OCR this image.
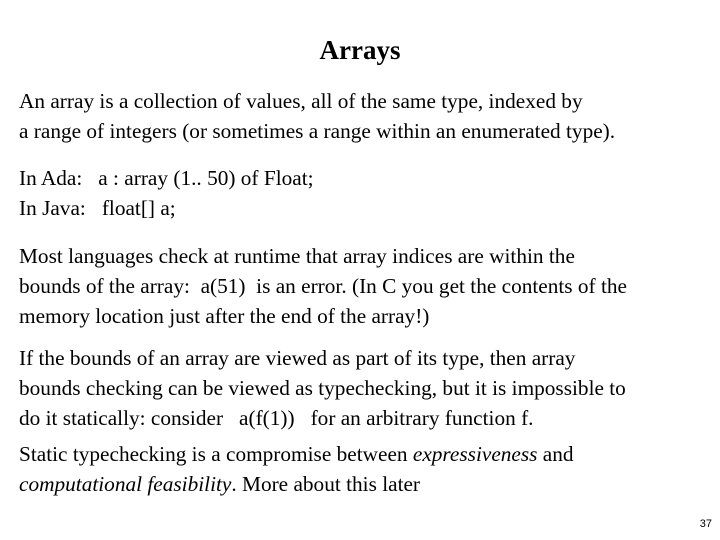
Arrays
An array is a collection of values, all of the same type, indexed by
a range of integers (or sometimes a range within an enumerated type).
In Ada: a : array (1.. 50) of Float;
In Java: float[] a;
Most languages check at runtime that array indices are within the
bounds of the array: a(51) is an error. (In C you get the contents of the
memory location just after the end of the array!)
If the bounds of an array are viewed as part of its type, then array
bounds checking can be viewed as typechecking, but it is impossible to
do it statically: consider a(f(1)) for an arbitrary function f.
Static typechecking is a compromise between expressiveness and
computational feasibility. More about this later
37
